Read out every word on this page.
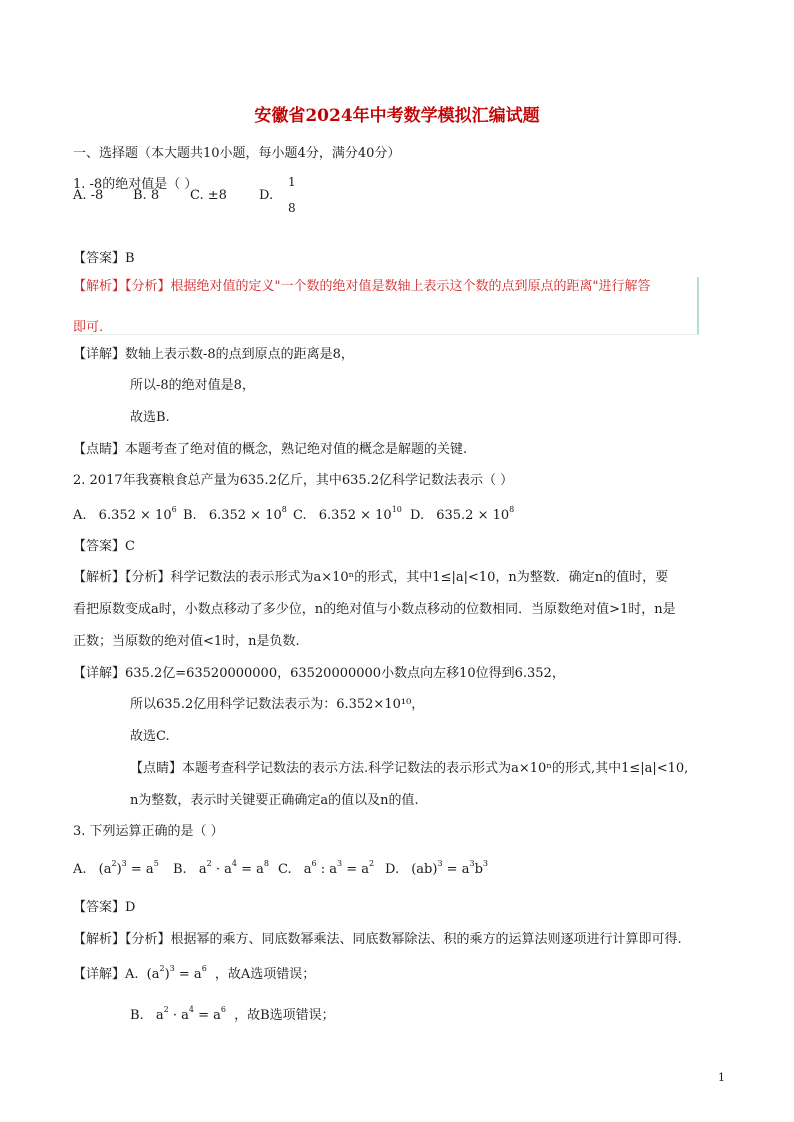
安徽省2024年中考数学模拟汇编试题
一、选择题（本大题共10小题，每小题4分，满分40分）
1. -8的绝对值是（ ）
A. -8 B. 8 C. ±8 D.
1
8
【答案】B
【解析】【分析】根据绝对值的定义"一个数的绝对值是数轴上表示这个数的点到原点的距离"进行解答
即可.
【详解】数轴上表示数-8的点到原点的距离是8，
所以-8的绝对值是8，
故选B.
【点睛】本题考查了绝对值的概念，熟记绝对值的概念是解题的关键.
2. 2017年我赛粮食总产量为635.2亿斤，其中635.2亿科学记数法表示（ ）
A. $6.352 \times 10^6$ B. $6.352 \times 10^8$ C. $6.352 \times 10^{10}$ D. $635.2 \times 10^8$
【答案】C
【解析】【分析】科学记数法的表示形式为a×10ⁿ的形式，其中1≤|a|<10，n为整数．确定n的值时，要
看把原数变成a时，小数点移动了多少位，n的绝对值与小数点移动的位数相同．当原数绝对值>1时，n是
正数；当原数的绝对值<1时，n是负数.
【详解】635.2亿=63520000000，63520000000小数点向左移10位得到6.352，
所以635.2亿用科学记数法表示为：6.352×10¹⁰，
故选C.
【点睛】本题考查科学记数法的表示方法.科学记数法的表示形式为a×10ⁿ的形式,其中1≤|a|<10,
n为整数，表示时关键要正确确定a的值以及n的值.
3. 下列运算正确的是（ ）
A. $(a^2)^3 = a^5$ B. $a^2 \cdot a^4 = a^8$ C. $a^6$ : $a^3 = a^2$ D. $(ab)^3 = a^3b^3$
【答案】D
【解析】【分析】根据幂的乘方、同底数幂乘法、同底数幂除法、积的乘方的运算法则逐项进行计算即可得.
【详解】A. $(a^2)^3 = a^6$ ，故A选项错误；
B. $a^2 \cdot a^4 = a^6$ ，故B选项错误；
1
